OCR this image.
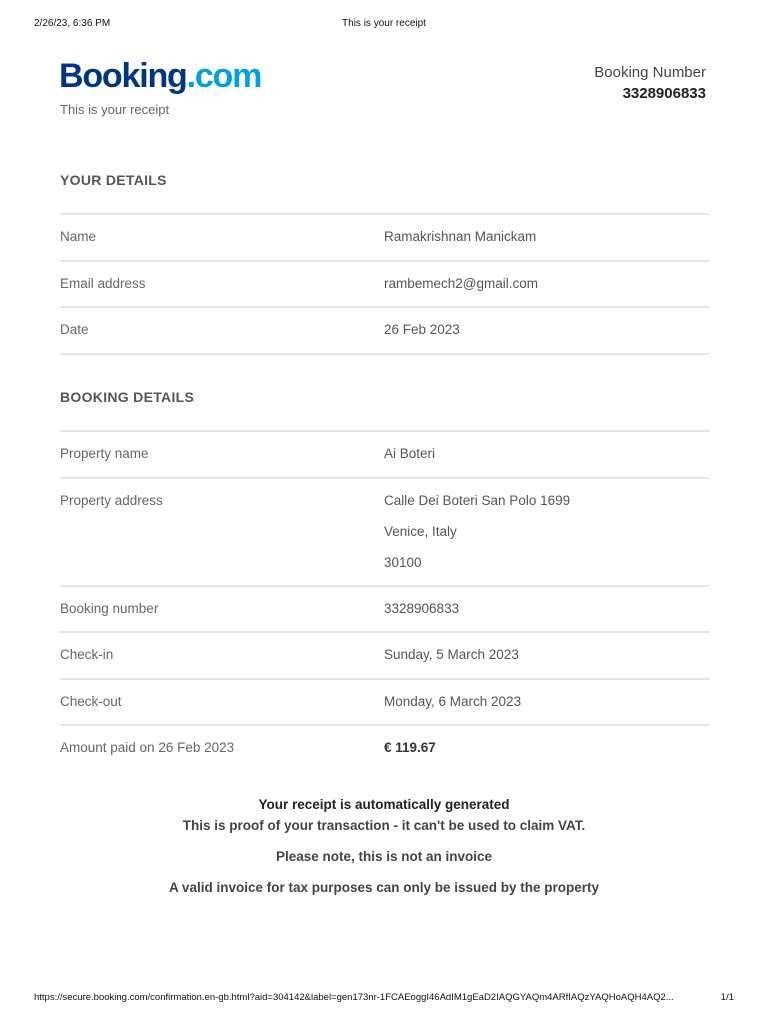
2/26/23, 6:36 PM	This is your receipt
Booking.com
This is your receipt
Booking Number
3328906833
YOUR DETAILS
Name	Ramakrishnan Manickam
Email address	rambemech2@gmail.com
Date	26 Feb 2023
BOOKING DETAILS
Property name	Ai Boteri
Property address	Calle Dei Boteri San Polo 1699
Venice, Italy
30100
Booking number	3328906833
Check-in	Sunday, 5 March 2023
Check-out	Monday, 6 March 2023
Amount paid on 26 Feb 2023	€ 119.67
Your receipt is automatically generated
This is proof of your transaction - it can't be used to claim VAT.
Please note, this is not an invoice
A valid invoice for tax purposes can only be issued by the property
https://secure.booking.com/confirmation.en-gb.html?aid=304142&label=gen173nr-1FCAEoggI46AdIM1gEaD2IAQGYAQm4ARfIAQzYAQHoAQH4AQ2...	1/1
